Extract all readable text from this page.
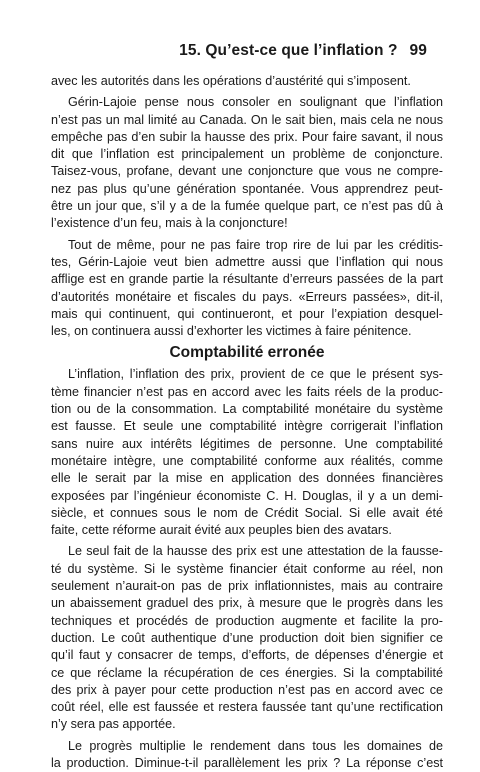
15. Qu’est-ce que l’inflation ? 99
avec les autorités dans les opérations d’austérité qui s’imposent.
Gérin-Lajoie pense nous consoler en soulignant que l’inflation
n’est pas un mal limité au Canada. On le sait bien, mais cela ne nous
empêche pas d’en subir la hausse des prix. Pour faire savant, il nous
dit que l’inflation est principalement un problème de conjoncture.
Taisez-vous, profane, devant une conjoncture que vous ne compre-
nez pas plus qu’une génération spontanée. Vous apprendrez peut-
être un jour que, s’il y a de la fumée quelque part, ce n’est pas dû à
l’existence d’un feu, mais à la conjoncture!
Tout de même, pour ne pas faire trop rire de lui par les créditis-
tes, Gérin-Lajoie veut bien admettre aussi que l’inflation qui nous
afflige est en grande partie la résultante d’erreurs passées de la part
d’autorités monétaire et fiscales du pays. «Erreurs passées», dit-il,
mais qui continuent, qui continueront, et pour l’expiation desquel-
les, on continuera aussi d’exhorter les victimes à faire pénitence.
Comptabilité erronée
L’inflation, l’inflation des prix, provient de ce que le présent sys-
tème financier n’est pas en accord avec les faits réels de la produc-
tion ou de la consommation. La comptabilité monétaire du système
est fausse. Et seule une comptabilité intègre corrigerait l’inflation
sans nuire aux intérêts légitimes de personne. Une comptabilité
monétaire intègre, une comptabilité conforme aux réalités, comme
elle le serait par la mise en application des données financières
exposées par l’ingénieur économiste C. H. Douglas, il y a un demi-
siècle, et connues sous le nom de Crédit Social. Si elle avait été
faite, cette réforme aurait évité aux peuples bien des avatars.
Le seul fait de la hausse des prix est une attestation de la fausse-
té du système. Si le système financier était conforme au réel, non
seulement n’aurait-on pas de prix inflationnistes, mais au contraire
un abaissement graduel des prix, à mesure que le progrès dans les
techniques et procédés de production augmente et facilite la pro-
duction. Le coût authentique d’une production doit bien signifier ce
qu’il faut y consacrer de temps, d’efforts, de dépenses d’énergie et
ce que réclame la récupération de ces énergies. Si la comptabilité
des prix à payer pour cette production n’est pas en accord avec ce
coût réel, elle est faussée et restera faussée tant qu’une rectification
n’y sera pas apportée.
Le progrès multiplie le rendement dans tous les domaines de
la production. Diminue-t-il parallèlement les prix ? La réponse c’est
